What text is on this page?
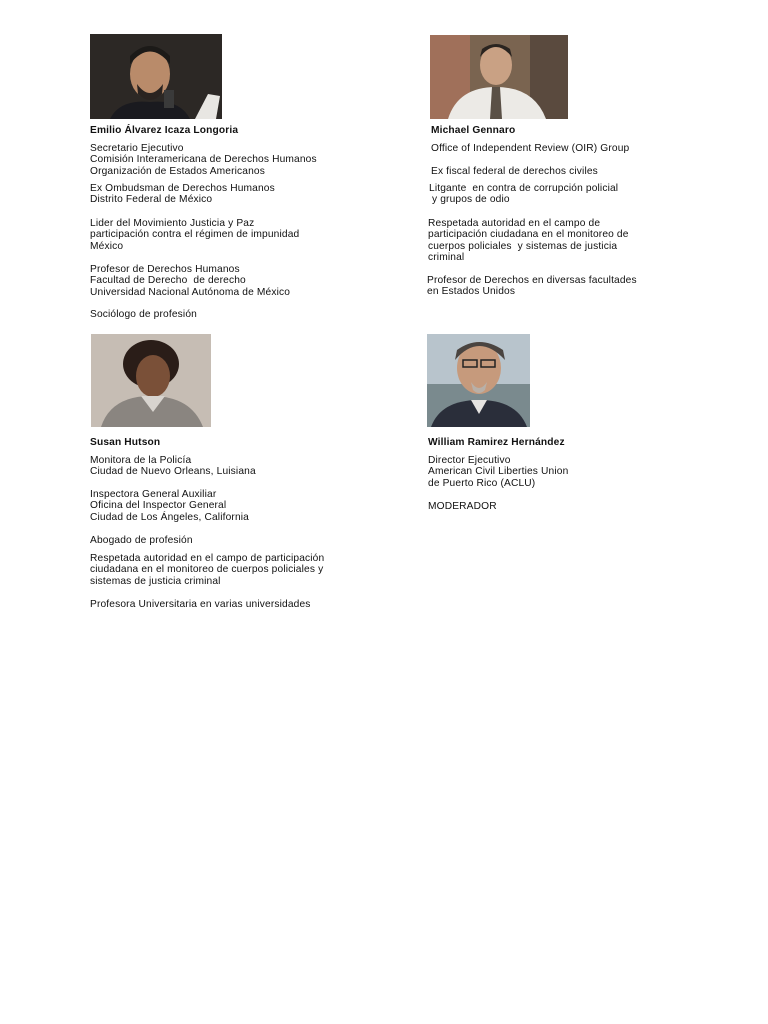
Emilio Álvarez Icaza Longoria
Secretario Ejecutivo
Comisión Interamericana de Derechos Humanos
Organización de Estados Americanos
Ex Ombudsman de Derechos Humanos
Distrito Federal de México
Lider del Movimiento Justicia y Paz
participación contra el régimen de impunidad
México
Profesor de Derechos Humanos
Facultad de Derecho  de derecho
Universidad Nacional Autónoma de México
Sociólogo de profesión
Michael Gennaro
Office of Independent Review (OIR) Group
Ex fiscal federal de derechos civiles
Litgante  en contra de corrupción policial
y grupos de odio
Respetada autoridad en el campo de
participación ciudadana en el monitoreo de
cuerpos policiales  y sistemas de justicia
criminal
Profesor de Derechos en diversas facultades
en Estados Unidos
Susan Hutson
Monitora de la Policía
Ciudad de Nuevo Orleans, Luisiana
Inspectora General Auxiliar
Oficina del Inspector General
Ciudad de Los Ángeles, California
Abogado de profesión
Respetada autoridad en el campo de participación
ciudadana en el monitoreo de cuerpos policiales y
sistemas de justicia criminal
Profesora Universitaria en varias universidades
William Ramirez Hernández
Director Ejecutivo
American Civil Liberties Union
de Puerto Rico (ACLU)
MODERADOR
